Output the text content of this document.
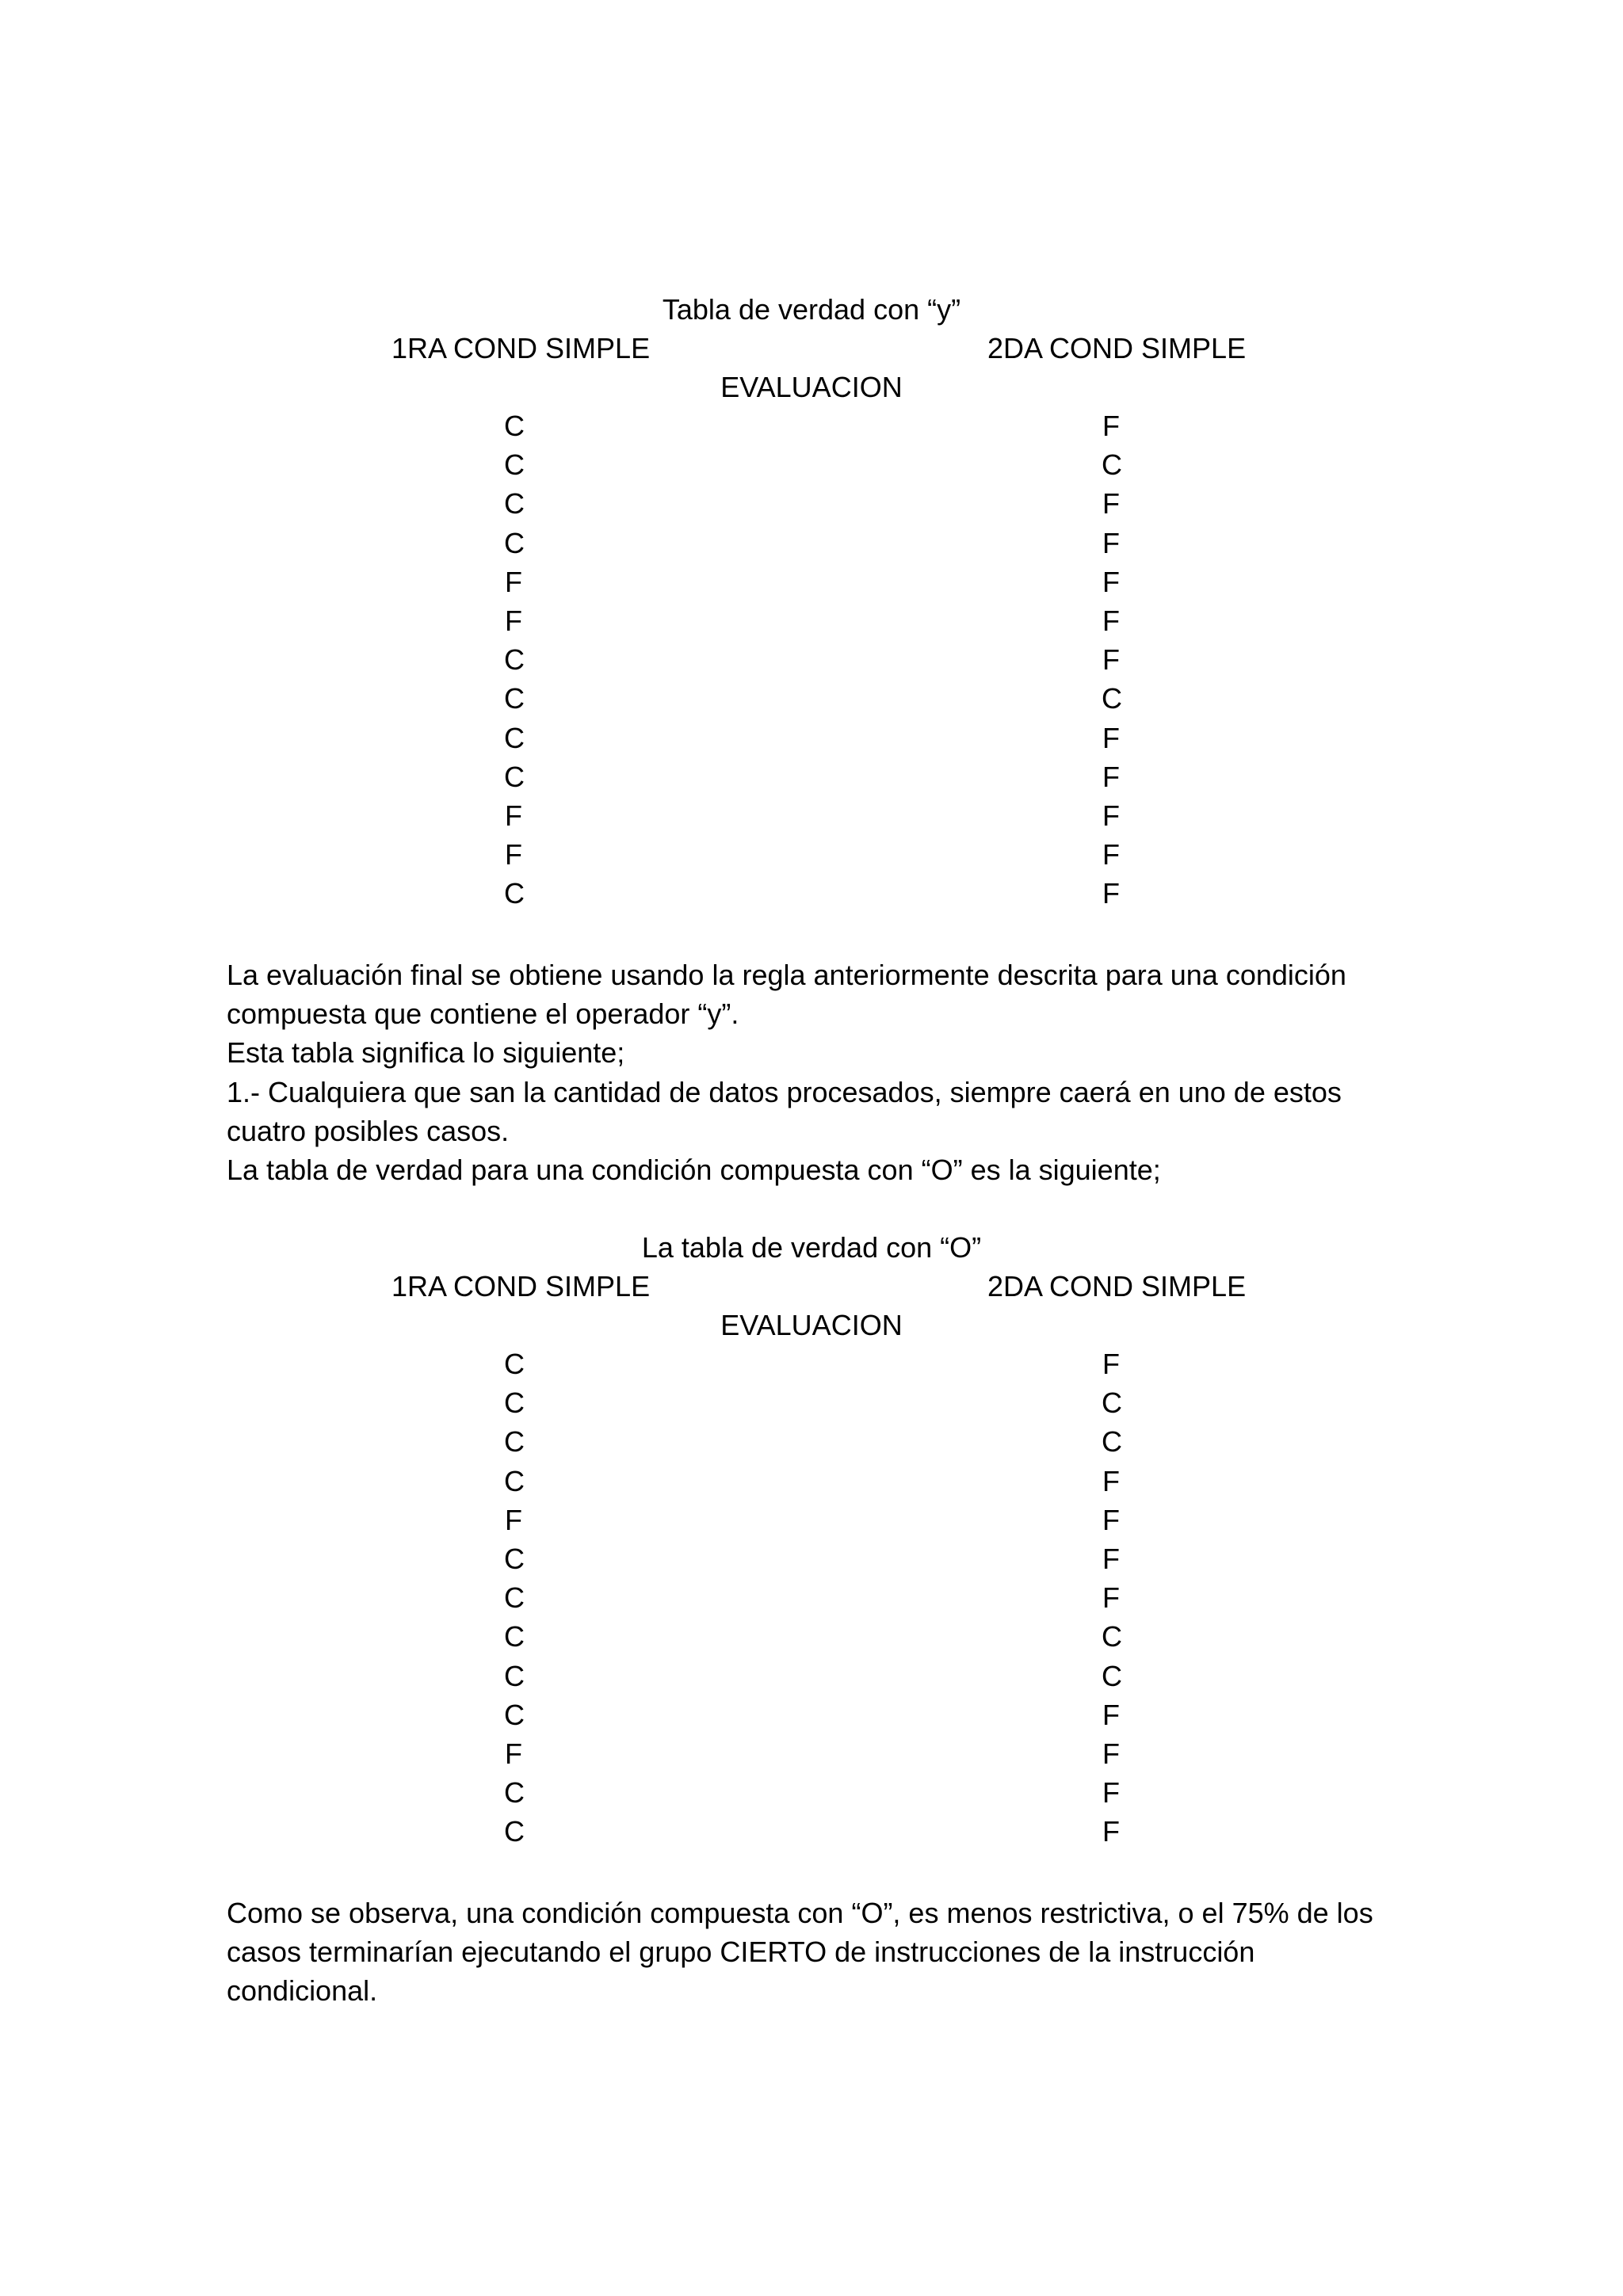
Tabla de verdad con “y”
1RA COND SIMPLE	2DA COND SIMPLE
EVALUACION
C	F
C	C
C	F
C	F
F	F
F	F
C	F
C	C
C	F
C	F
F	F
F	F
C	F
La evaluación final se obtiene usando la regla anteriormente descrita para una condición
compuesta que contiene el operador “y”.
Esta tabla significa lo siguiente;
1.- Cualquiera que san la cantidad de datos procesados, siempre caerá en uno de estos
cuatro posibles casos.
La tabla de verdad para una condición compuesta con “O” es la siguiente;
La tabla de verdad con “O”
1RA COND SIMPLE	2DA COND SIMPLE
EVALUACION
C	F
C	C
C	C
C	F
F	F
C	F
C	F
C	C
C	C
C	F
F	F
C	F
C	F
Como se observa, una condición compuesta con “O”, es menos restrictiva, o el 75% de los
casos terminarían ejecutando el grupo CIERTO de instrucciones de la instrucción
condicional.
